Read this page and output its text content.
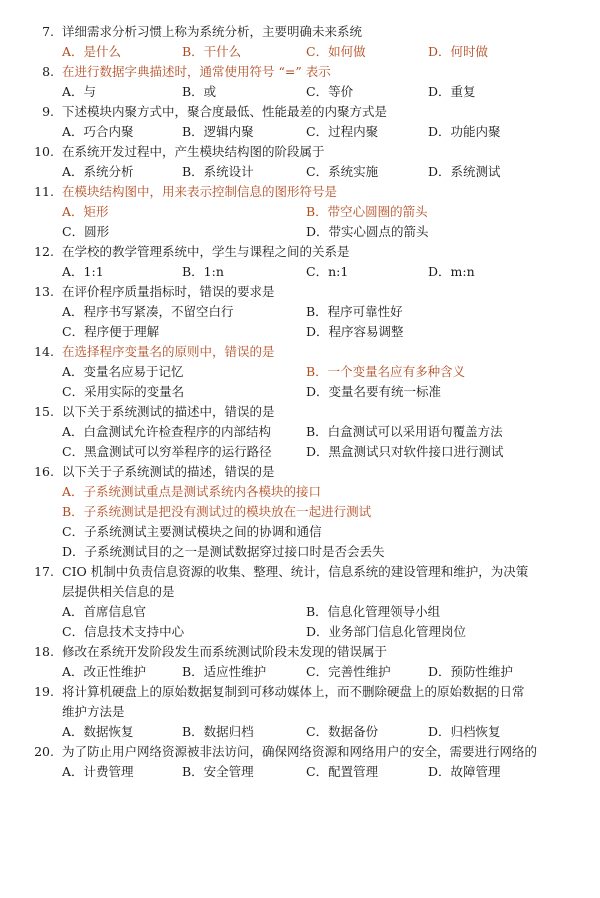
7. 详细需求分析习惯上称为系统分析，主要明确未来系统
A．是什么	B．干什么	C．如何做	D．何时做
8. 在进行数据字典描述时，通常使用符号 “=” 表示
A．与	B．或	C．等价	D．重复
9. 下述模块内聚方式中，聚合度最低、性能最差的内聚方式是
A．巧合内聚	B．逻辑内聚	C．过程内聚	D．功能内聚
10. 在系统开发过程中，产生模块结构图的阶段属于
A．系统分析	B．系统设计	C．系统实施	D．系统测试
11. 在模块结构图中，用来表示控制信息的图形符号是
A．矩形	B．带空心圆圈的箭头
C．圆形	D．带实心圆点的箭头
12. 在学校的教学管理系统中，学生与课程之间的关系是
A．1:1	B．1:n	C．n:1	D．m:n
13. 在评价程序质量指标时，错误的要求是
A．程序书写紧凑，不留空白行	B．程序可靠性好
C．程序便于理解	D．程序容易调整
14. 在选择程序变量名的原则中，错误的是
A．变量名应易于记忆	B．一个变量名应有多种含义
C．采用实际的变量名	D．变量名要有统一标准
15. 以下关于系统测试的描述中，错误的是
A．白盒测试允许检查程序的内部结构	B．白盒测试可以采用语句覆盖方法
C．黑盒测试可以穷举程序的运行路径	D．黑盒测试只对软件接口进行测试
16. 以下关于子系统测试的描述，错误的是
A．子系统测试重点是测试系统内各模块的接口
B．子系统测试是把没有测试过的模块放在一起进行测试
C．子系统测试主要测试模块之间的协调和通信
D．子系统测试目的之一是测试数据穿过接口时是否会丢失
17. CIO 机制中负责信息资源的收集、整理、统计，信息系统的建设管理和维护，为决策
层提供相关信息的是
A．首席信息官	B．信息化管理领导小组
C．信息技术支持中心	D．业务部门信息化管理岗位
18. 修改在系统开发阶段发生而系统测试阶段未发现的错误属于
A．改正性维护	B．适应性维护	C．完善性维护	D．预防性维护
19. 将计算机硬盘上的原始数据复制到可移动媒体上，而不删除硬盘上的原始数据的日常
维护方法是
A．数据恢复	B．数据归档	C．数据备份	D．归档恢复
20. 为了防止用户网络资源被非法访问，确保网络资源和网络用户的安全，需要进行网络的
A．计费管理	B．安全管理	C．配置管理	D．故障管理
